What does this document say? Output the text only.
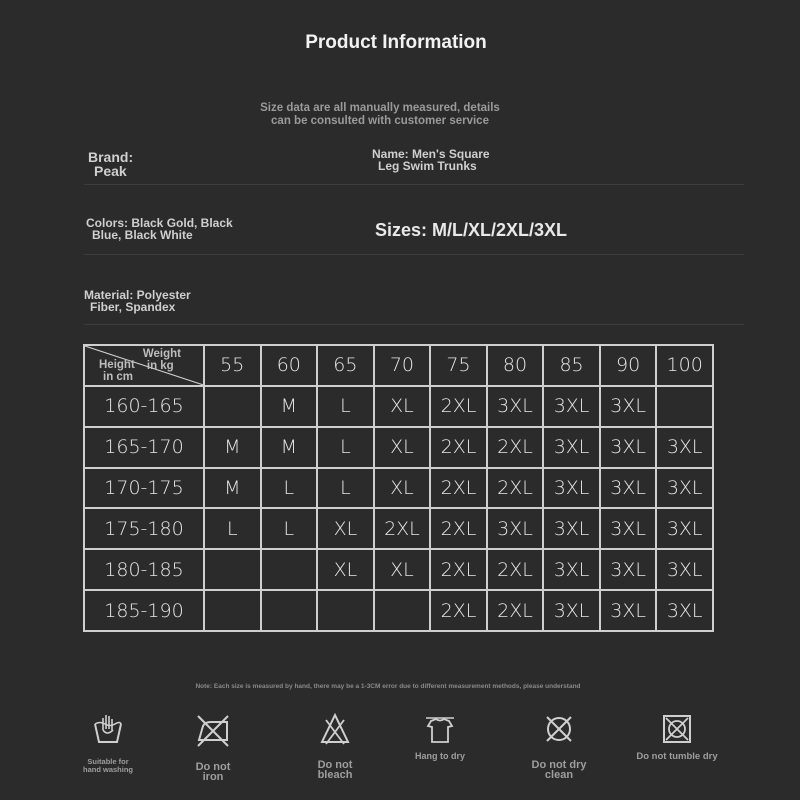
Product Information
Size data are all manually measured, details
can be consulted with customer service
Brand:
Peak
Name: Men's Square
Leg Swim Trunks
Colors: Black Gold, Black
Blue, Black White	Sizes: M/L/XL/2XL/3XL
Material: Polyester
Fiber, Spandex
Weight
in kg
Height
in cm	55	60	65	70	75	80	85	90	100
160-165		M	L	XL	2XL	3XL	3XL	3XL	
165-170	M	M	L	XL	2XL	2XL	3XL	3XL	3XL
170-175	M	L	L	XL	2XL	2XL	3XL	3XL	3XL
175-180	L	L	XL	2XL	2XL	3XL	3XL	3XL	3XL
180-185			XL	XL	2XL	2XL	3XL	3XL	3XL
185-190					2XL	2XL	3XL	3XL	3XL
Note: Each size is measured by hand, there may be a 1-3CM error due to different measurement methods, please understand
Suitable for
hand washing	Do not
iron
Do not
bleach
Hang to dry
Do not dry
clean
Do not tumble dry
